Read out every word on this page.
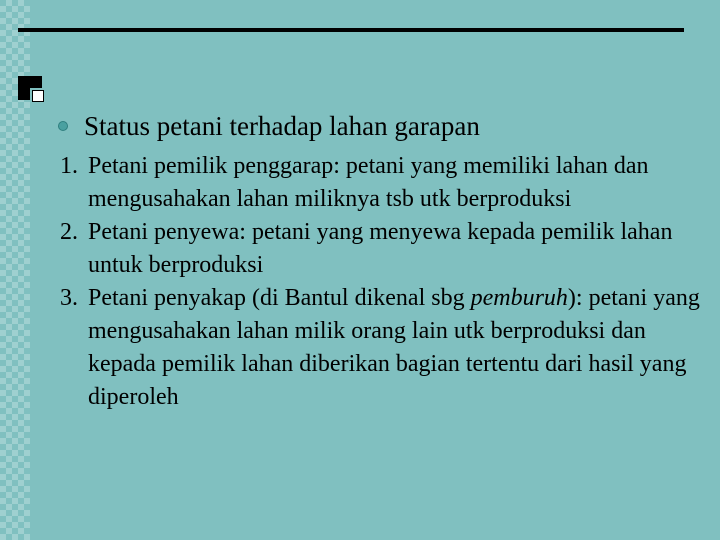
Status petani terhadap lahan garapan

1. Petani pemilik penggarap: petani yang memiliki lahan dan mengusahakan lahan miliknya tsb utk berproduksi

2. Petani penyewa: petani yang menyewa kepada pemilik lahan untuk berproduksi

3. Petani penyakap (di Bantul dikenal sbg pemburuh): petani yang mengusahakan lahan milik orang lain utk berproduksi dan kepada pemilik lahan diberikan bagian tertentu dari hasil yang diperoleh
